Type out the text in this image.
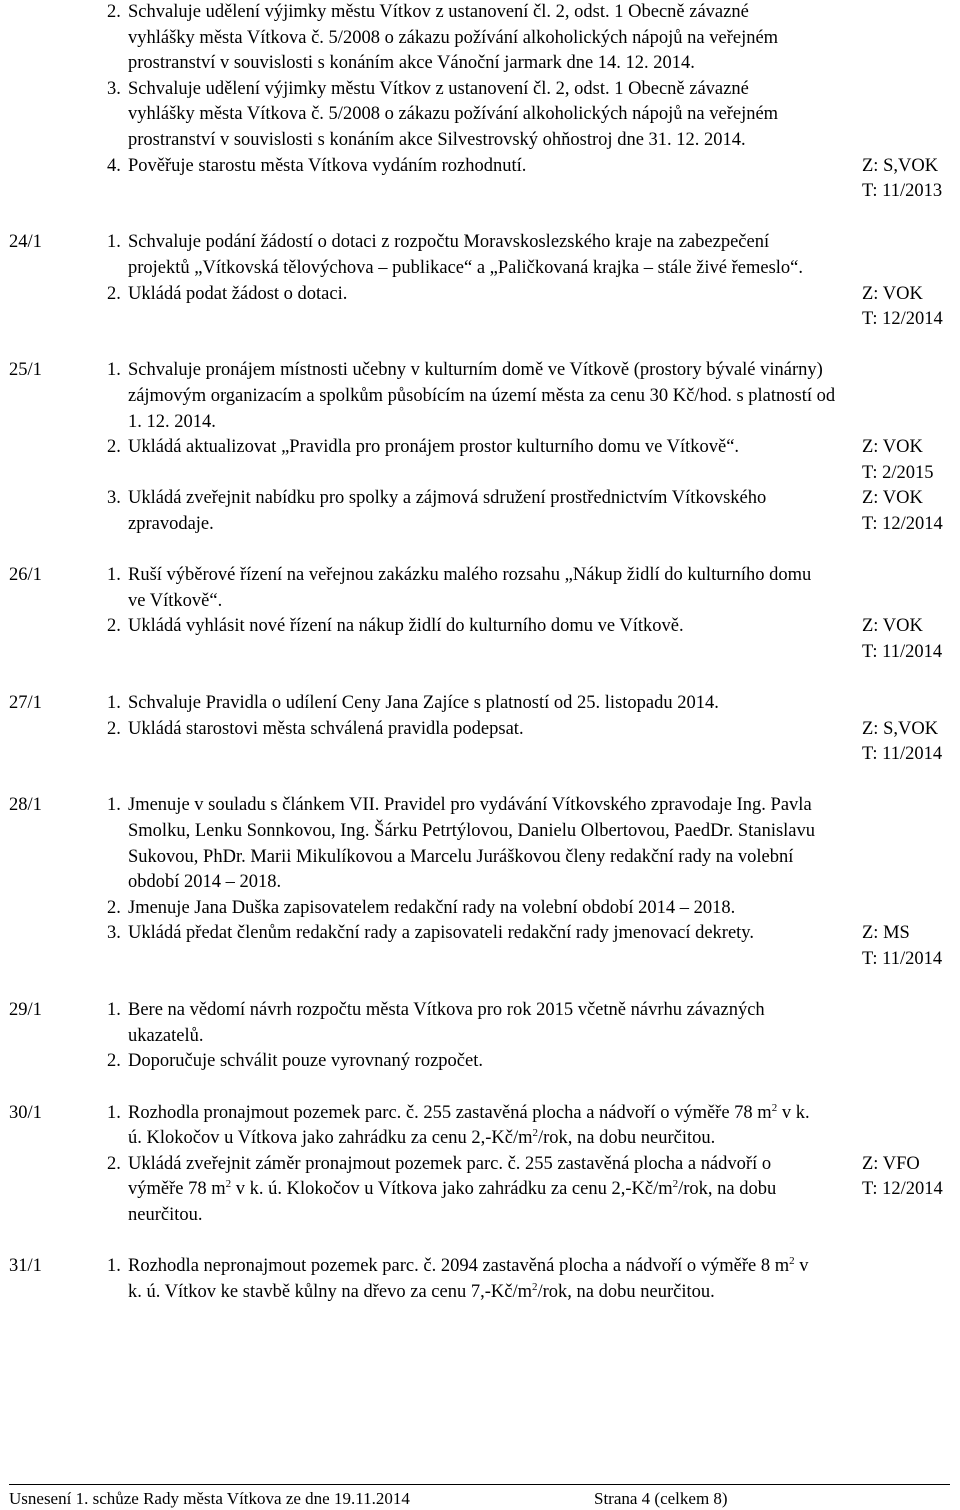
2. Schvaluje udělení výjimky městu Vítkov z ustanovení čl. 2, odst. 1 Obecně závazné vyhlášky města Vítkova č. 5/2008 o zákazu požívání alkoholických nápojů na veřejném prostranství v souvislosti s konáním akce Vánoční jarmark dne 14. 12. 2014.
3. Schvaluje udělení výjimky městu Vítkov z ustanovení čl. 2, odst. 1 Obecně závazné vyhlášky města Vítkova č. 5/2008 o zákazu požívání alkoholických nápojů na veřejném prostranství v souvislosti s konáním akce Silvestrovský ohňostroj dne 31. 12. 2014.
4. Pověřuje starostu města Vítkova vydáním rozhodnutí.	Z: S,VOK
T: 11/2013
24/1	1. Schvaluje podání žádostí o dotaci z rozpočtu Moravskoslezského kraje na zabezpečení projektů „Vítkovská tělovýchova – publikace“ a „Paličkovaná krajka – stále živé řemeslo“.
2. Ukládá podat žádost o dotaci.	Z: VOK
T: 12/2014
25/1	1. Schvaluje pronájem místnosti učebny v kulturním domě ve Vítkově (prostory bývalé vinárny) zájmovým organizacím a spolkům působícím na území města za cenu 30 Kč/hod. s platností od 1. 12. 2014.
2. Ukládá aktualizovat „Pravidla pro pronájem prostor kulturního domu ve Vítkově“.	Z: VOK
T: 2/2015
3. Ukládá zveřejnit nabídku pro spolky a zájmová sdružení prostřednictvím Vítkovského zpravodaje.
Z: VOK
T: 12/2014
26/1	1. Ruší výběrové řízení na veřejnou zakázku malého rozsahu „Nákup židlí do kulturního domu ve Vítkově“.
2. Ukládá vyhlásit nové řízení na nákup židlí do kulturního domu ve Vítkově.	Z: VOK
T: 11/2014
27/1	1. Schvaluje Pravidla o udílení Ceny Jana Zajíce s platností od 25. listopadu 2014.
2. Ukládá starostovi města schválená pravidla podepsat.	Z: S,VOK
T: 11/2014
28/1	1. Jmenuje v souladu s článkem VII. Pravidel pro vydávání Vítkovského zpravodaje Ing. Pavla Smolku, Lenku Sonnkovou, Ing. Šárku Petrtýlovou, Danielu Olbertovou, PaedDr. Stanislavu Sukovou, PhDr. Marii Mikulíkovou a Marcelu Juráškovou členy redakční rady na volební období 2014 – 2018.
2. Jmenuje Jana Duška zapisovatelem redakční rady na volební období 2014 – 2018.
3. Ukládá předat členům redakční rady a zapisovateli redakční rady jmenovací dekrety.	Z: MS
T: 11/2014
29/1	1. Bere na vědomí návrh rozpočtu města Vítkova pro rok 2015 včetně návrhu závazných ukazatelů.
2. Doporučuje schválit pouze vyrovnaný rozpočet.
30/1	1. Rozhodla pronajmout pozemek parc. č. 255 zastavěná plocha a nádvoří o výměře 78 $m^2$ v k. ú. Klokočov u Vítkova jako zahrádku za cenu $2,-Kč/m^2$/rok, na dobu neurčitou.
2. Ukládá zveřejnit záměr pronajmout pozemek parc. č. 255 zastavěná plocha a nádvoří o výměře 78 $m^2$ v k. ú. Klokočov u Vítkova jako zahrádku za cenu $2,-Kč/m^2$/rok, na dobu neurčitou.
Z: VFO
T: 12/2014
31/1	1. Rozhodla nepronajmout pozemek parc. č. 2094 zastavěná plocha a nádvoří o výměře 8 $m^2$ v k. ú. Vítkov ke stavbě kůlny na dřevo za cenu $7,-Kč/m^2$/rok, na dobu neurčitou.
Usnesení 1. schůze Rady města Vítkova ze dne 19.11.2014	Strana 4 (celkem 8)
